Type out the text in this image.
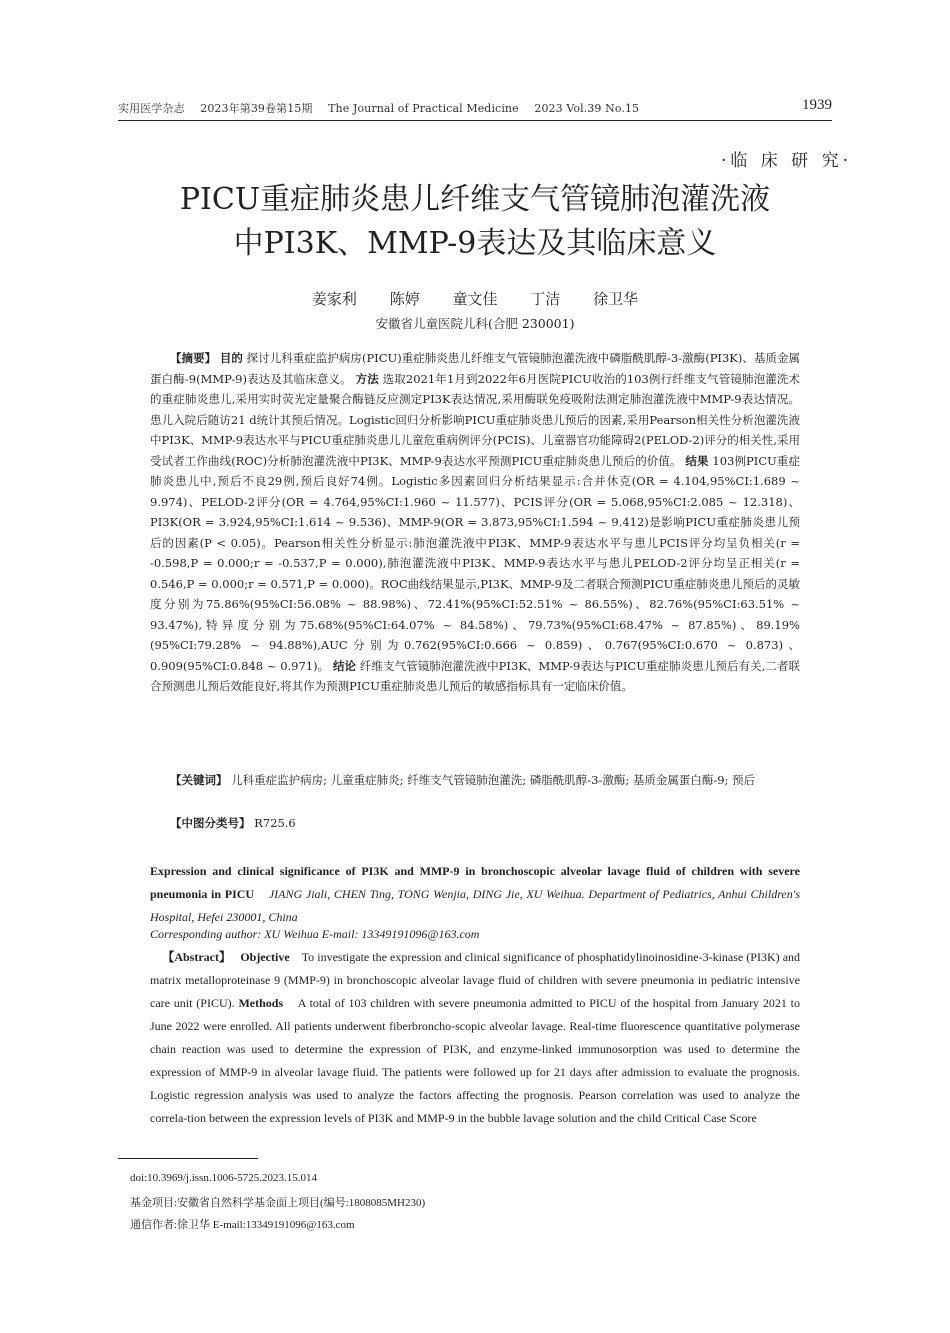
实用医学杂志 2023年第39卷第15期 The Journal of Practical Medicine 2023 Vol.39 No.15	1939
·临 床 研 究·
PICU重症肺炎患儿纤维支气管镜肺泡灌洗液
中PI3K、MMP-9表达及其临床意义
姜家利 陈婷 童文佳 丁洁 徐卫华
安徽省儿童医院儿科(合肥 230001)

【摘要】 目的 探讨儿科重症监护病房(PICU)重症肺炎患儿纤维支气管镜肺泡灌洗液中磷脂酰肌醇-3-激酶(PI3K)、基质金属蛋白酶-9(MMP-9)表达及其临床意义。 方法 选取2021年1月到2022年6月医院PICU收治的103例行纤维支气管镜肺泡灌洗术的重症肺炎患儿,采用实时荧光定量聚合酶链反应测定PI3K表达情况,采用酶联免疫吸附法测定肺泡灌洗液中MMP-9表达情况。患儿入院后随访21 d统计其预后情况。Logistic回归分析影响PICU重症肺炎患儿预后的因素,采用Pearson相关性分析泡灌洗液中PI3K、MMP-9表达水平与PICU重症肺炎患儿儿童危重病例评分(PCIS)、儿童器官功能障碍2(PELOD-2)评分的相关性,采用受试者工作曲线(ROC)分析肺泡灌洗液中PI3K、MMP-9表达水平预测PICU重症肺炎患儿预后的价值。 结果 103例PICU重症肺炎患儿中,预后不良29例,预后良好74例。Logistic多因素回归分析结果显示:合并休克(OR = 4.104,95%CI:1.689 ~ 9.974)、PELOD-2评分(OR = 4.764,95%CI:1.960 ~ 11.577)、PCIS评分(OR = 5.068,95%CI:2.085 ~ 12.318)、PI3K(OR = 3.924,95%CI:1.614 ~ 9.536)、MMP-9(OR = 3.873,95%CI:1.594 ~ 9.412)是影响PICU重症肺炎患儿预后的因素(P < 0.05)。Pearson相关性分析显示:肺泡灌洗液中PI3K、MMP-9表达水平与患儿PCIS评分均呈负相关(r = -0.598,P = 0.000;r = -0.537,P = 0.000),肺泡灌洗液中PI3K、MMP-9表达水平与患儿PELOD-2评分均呈正相关(r = 0.546,P = 0.000;r = 0.571,P = 0.000)。ROC曲线结果显示,PI3K、MMP-9及二者联合预测PICU重症肺炎患儿预后的灵敏度分别为75.86%(95%CI:56.08% ~ 88.98%)、72.41%(95%CI:52.51% ~ 86.55%)、82.76%(95%CI:63.51% ~ 93.47%),特异度分别为75.68%(95%CI:64.07% ~ 84.58%)、79.73%(95%CI:68.47% ~ 87.85%)、89.19%(95%CI:79.28% ~ 94.88%),AUC分别为0.762(95%CI:0.666 ~ 0.859)、0.767(95%CI:0.670 ~ 0.873)、0.909(95%CI:0.848 ~ 0.971)。 结论 纤维支气管镜肺泡灌洗液中PI3K、MMP-9表达与PICU重症肺炎患儿预后有关,二者联合预测患儿预后效能良好,将其作为预测PICU重症肺炎患儿预后的敏感指标具有一定临床价值。

【关键词】 儿科重症监护病房; 儿童重症肺炎; 纤维支气管镜肺泡灌洗; 磷脂酰肌醇-3-激酶; 基质金属蛋白酶-9; 预后
【中图分类号】 R725.6
Expression and clinical significance of PI3K and MMP-9 in bronchoscopic alveolar lavage fluid of children with severe pneumonia in PICU JIANG Jiali, CHEN Ting, TONG Wenjia, DING Jie, XU Weihua. Department of Pediatrics, Anhui Children's Hospital, Hefei 230001, China
Corresponding author: XU Weihua E-mail: 13349191096@163.com
【Abstract】 Objective To investigate the expression and clinical significance of phosphatidylinoinosidine-3-kinase (PI3K) and matrix metalloproteinase 9 (MMP-9) in bronchoscopic alveolar lavage fluid of children with severe pneumonia in pediatric intensive care unit (PICU). Methods A total of 103 children with severe pneumonia admitted to PICU of the hospital from January 2021 to June 2022 were enrolled. All patients underwent fiberbroncho-scopic alveolar lavage. Real-time fluorescence quantitative polymerase chain reaction was used to determine the expression of PI3K, and enzyme-linked immunosorption was used to determine the expression of MMP-9 in alveolar lavage fluid. The patients were followed up for 21 days after admission to evaluate the prognosis. Logistic regression analysis was used to analyze the factors affecting the prognosis. Pearson correlation was used to analyze the correla-tion between the expression levels of PI3K and MMP-9 in the bubble lavage solution and the child Critical Case Score
doi:10.3969/j.issn.1006-5725.2023.15.014
基金项目:安徽省自然科学基金面上项目(编号:1808085MH230)
通信作者:徐卫华 E-mail:13349191096@163.com
